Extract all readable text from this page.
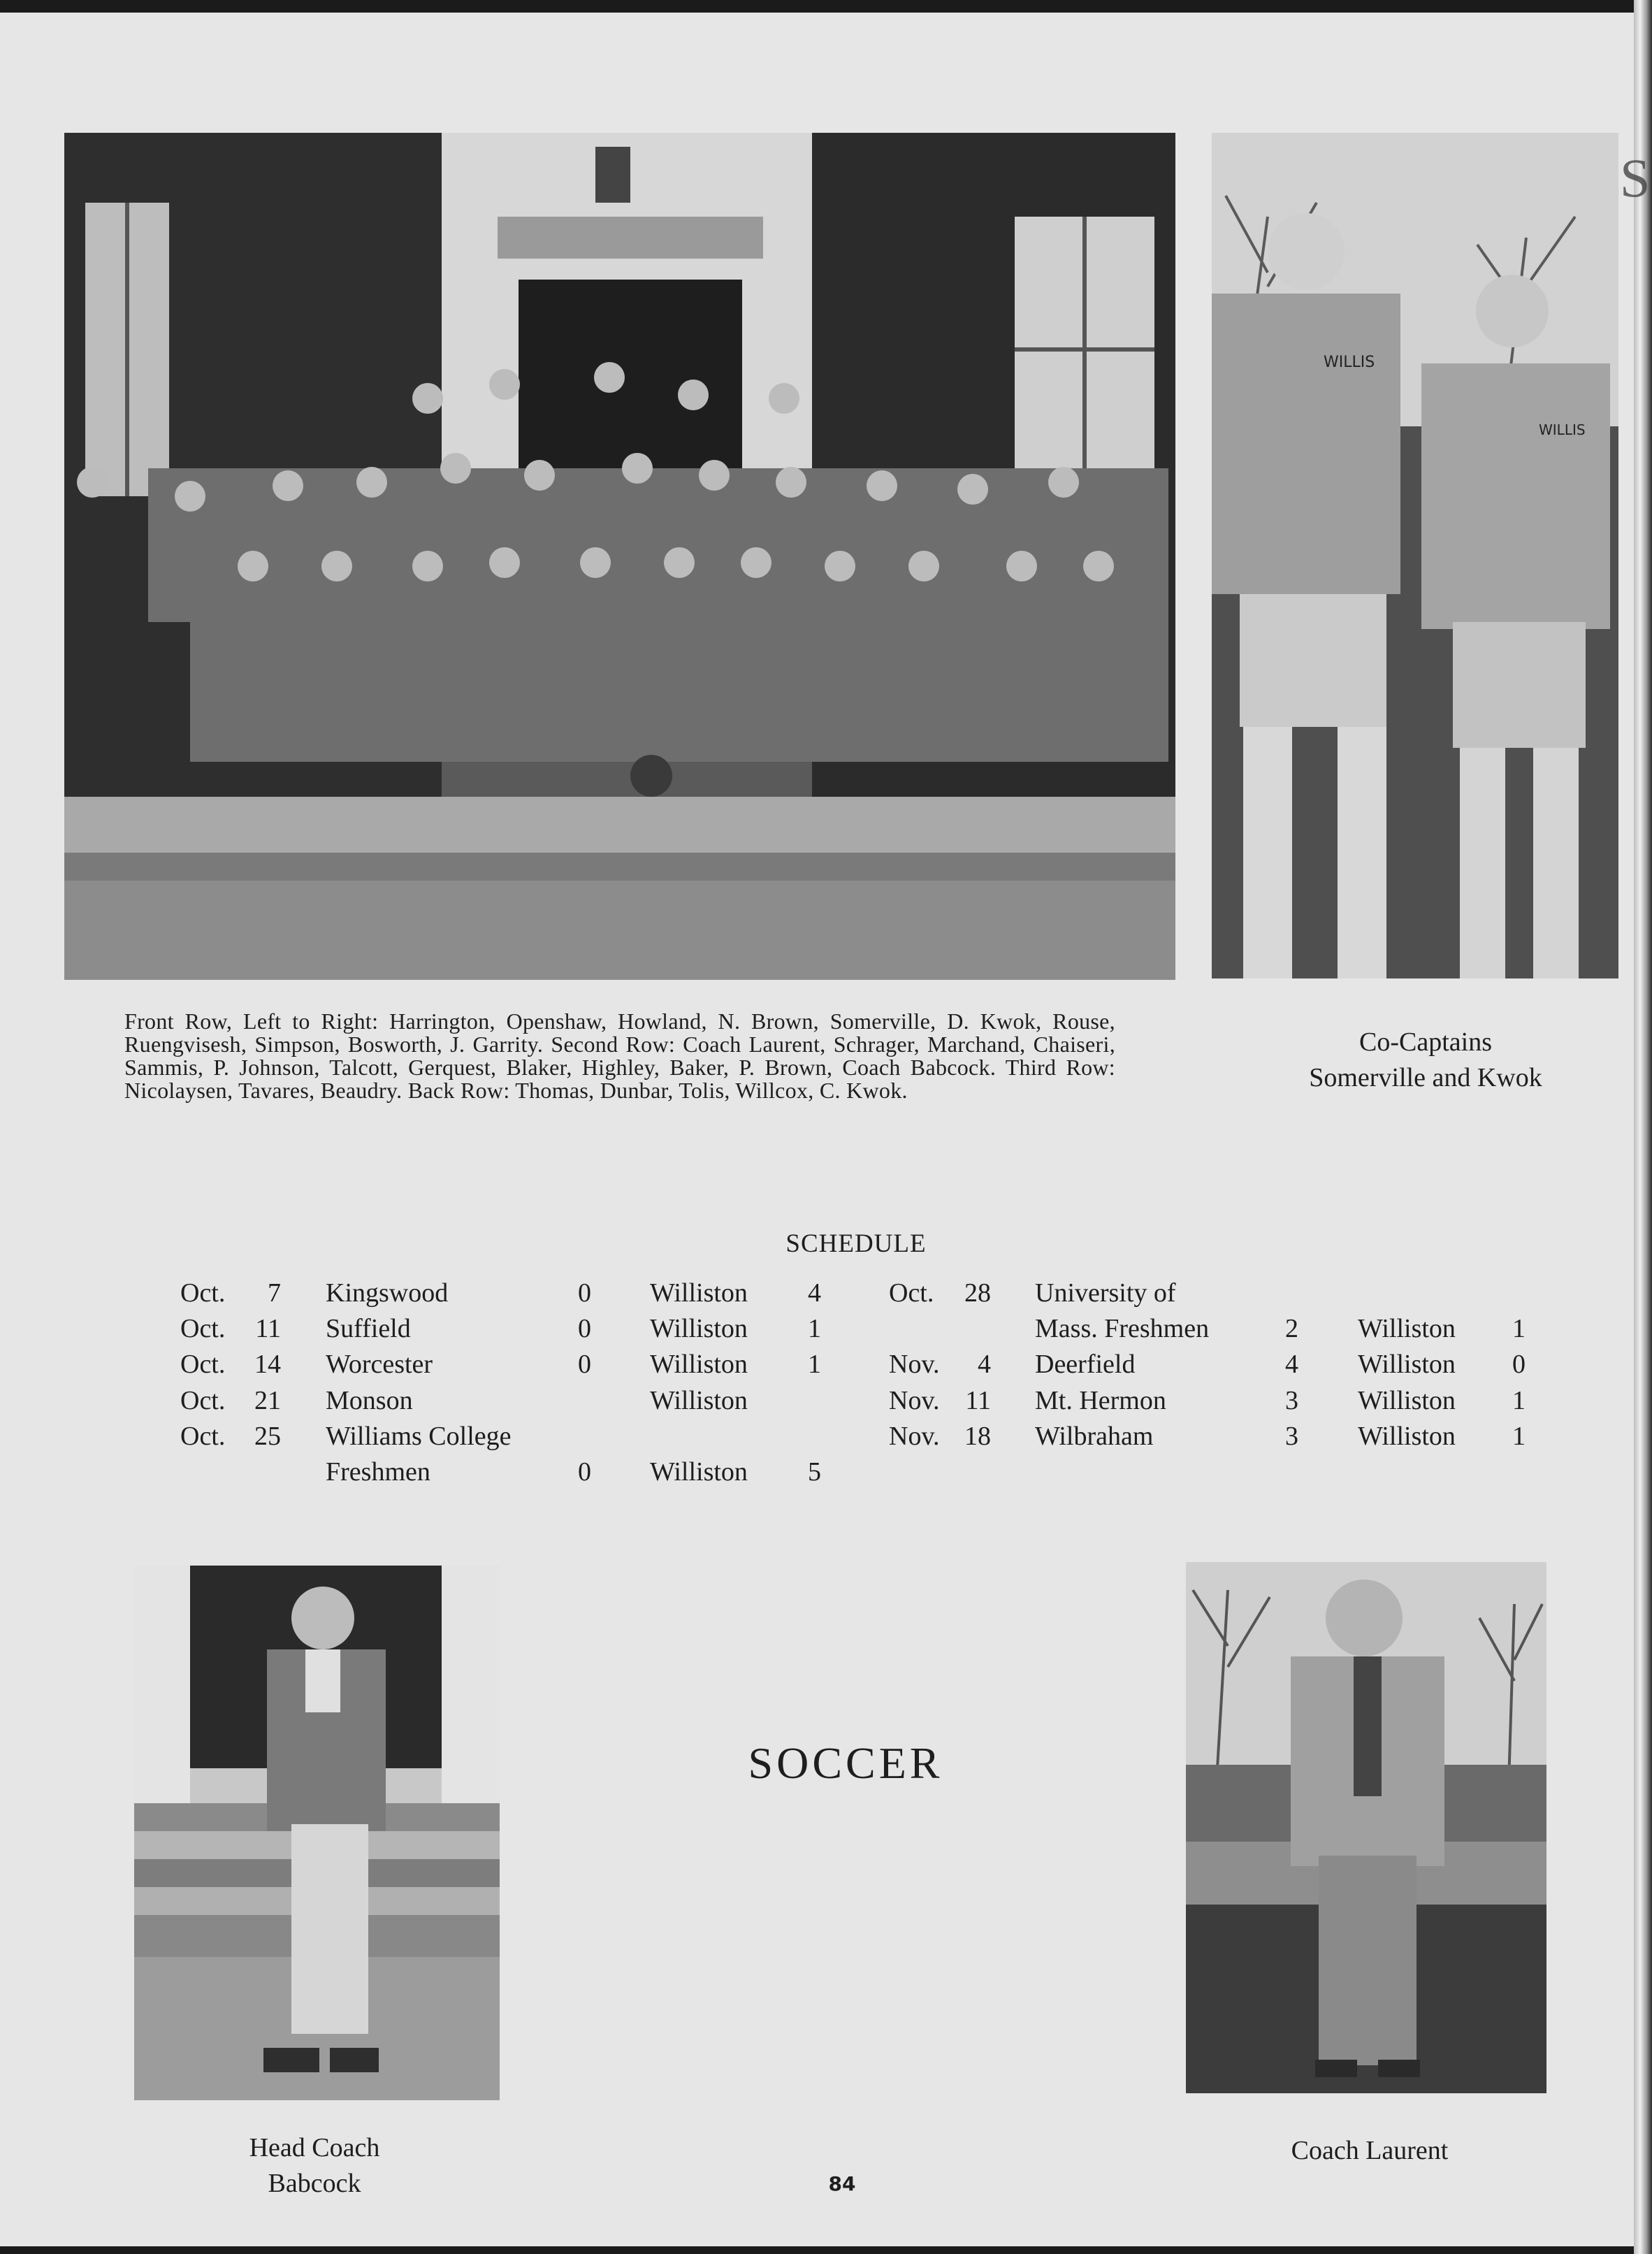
WILLIS
WILLIS
Front Row, Left to Right: Harrington, Openshaw, Howland, N. Brown, Somerville, D. Kwok, Rouse, Ruengvisesh, Simpson, Bosworth, J. Garrity. Second Row: Coach Laurent, Schrager, Marchand, Chaiseri, Sammis, P. Johnson, Talcott, Gerquest, Blaker, Highley, Baker, P. Brown, Coach Babcock. Third Row: Nicolaysen, Tavares, Beaudry. Back Row: Thomas, Dunbar, Tolis, Willcox, C. Kwok.
Co-Captains
Somerville and Kwok
SCHEDULE
Oct.	7 Kingswood	0 Williston	4
Oct.	11 Suffield	0 Williston	1
Oct.	14 Worcester	0 Williston	1
Oct.	21 Monson	Williston
Oct.	25 Williams College
Freshmen	0 Williston	5
Oct.	28 University of
Mass. Freshmen	2 Williston	1
Nov.	4 Deerfield	4 Williston	0
Nov. 11 Mt. Hermon	3 Williston	1
Nov. 18 Wilbraham	3 Williston	1
SOCCER
Head Coach
Babcock
Coach Laurent
84
S
